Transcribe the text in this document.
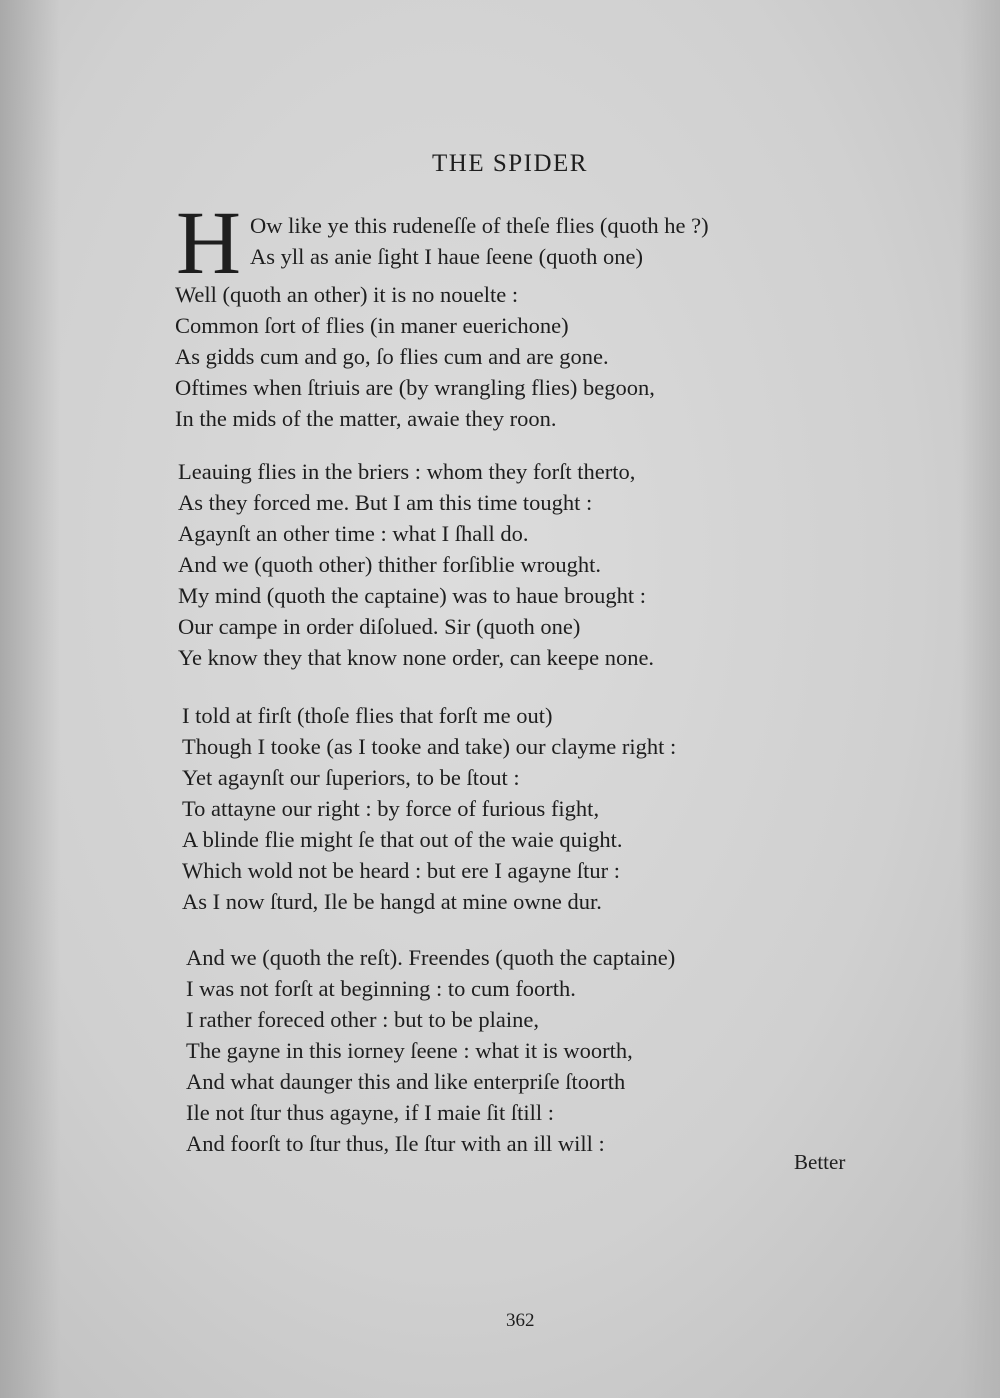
THE SPIDER
H Ow like ye this rudeneſſe of theſe flies (quoth he ?)
As yll as anie ſight I haue ſeene (quoth one)
Well (quoth an other) it is no nouelte :
Common ſort of flies (in maner euerichone)
As gidds cum and go, ſo flies cum and are gone.
Oftimes when ſtriuis are (by wrangling flies) begoon,
In the mids of the matter, awaie they roon.
Leauing flies in the briers : whom they forſt therto,
As they forced me. But I am this time tought :
Agaynſt an other time : what I ſhall do.
And we (quoth other) thither forſiblie wrought.
My mind (quoth the captaine) was to haue brought :
Our campe in order diſolued. Sir (quoth one)
Ye know they that know none order, can keepe none.
I told at firſt (thoſe flies that forſt me out)
Though I tooke (as I tooke and take) our clayme right :
Yet agaynſt our ſuperiors, to be ſtout :
To attayne our right : by force of furious fight,
A blinde flie might ſe that out of the waie quight.
Which wold not be heard : but ere I agayne ſtur :
As I now ſturd, Ile be hangd at mine owne dur.
And we (quoth the reſt). Freendes (quoth the captaine)
I was not forſt at beginning : to cum foorth.
I rather foreced other : but to be plaine,
The gayne in this iorney ſeene : what it is woorth,
And what daunger this and like enterpriſe ſtoorth
Ile not ſtur thus agayne, if I maie ſit ſtill :
And foorſt to ſtur thus, Ile ſtur with an ill will :
Better
362
